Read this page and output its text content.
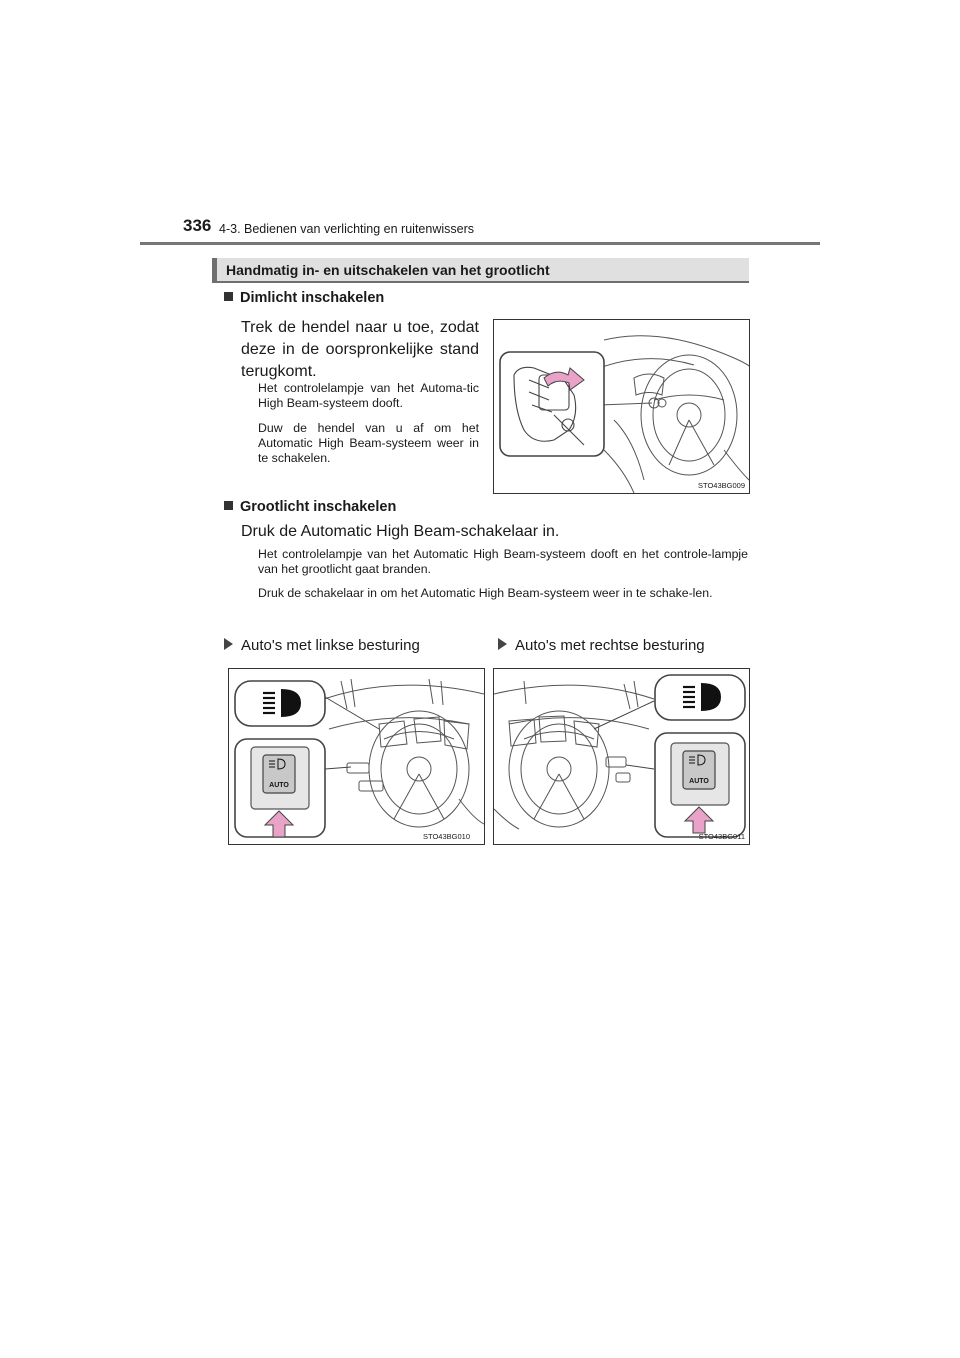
336 4-3. Bedienen van verlichting en ruitenwissers
Handmatig in- en uitschakelen van het grootlicht
Dimlicht inschakelen
Trek de hendel naar u toe, zodat deze in de oorspronkelijke stand terugkomt.
Het controlelampje van het Automa-tic High Beam-systeem dooft.
Duw de hendel van u af om het Automatic High Beam-systeem weer in te schakelen.
STO43BG009
Grootlicht inschakelen
Druk de Automatic High Beam-schakelaar in.
Het controlelampje van het Automatic High Beam-systeem dooft en het controle-lampje van het grootlicht gaat branden.
Druk de schakelaar in om het Automatic High Beam-systeem weer in te schake-len.
Auto's met linkse besturing	Auto's met rechtse besturing
AUTO
STO43BG010
AUTO
STO43BG011
